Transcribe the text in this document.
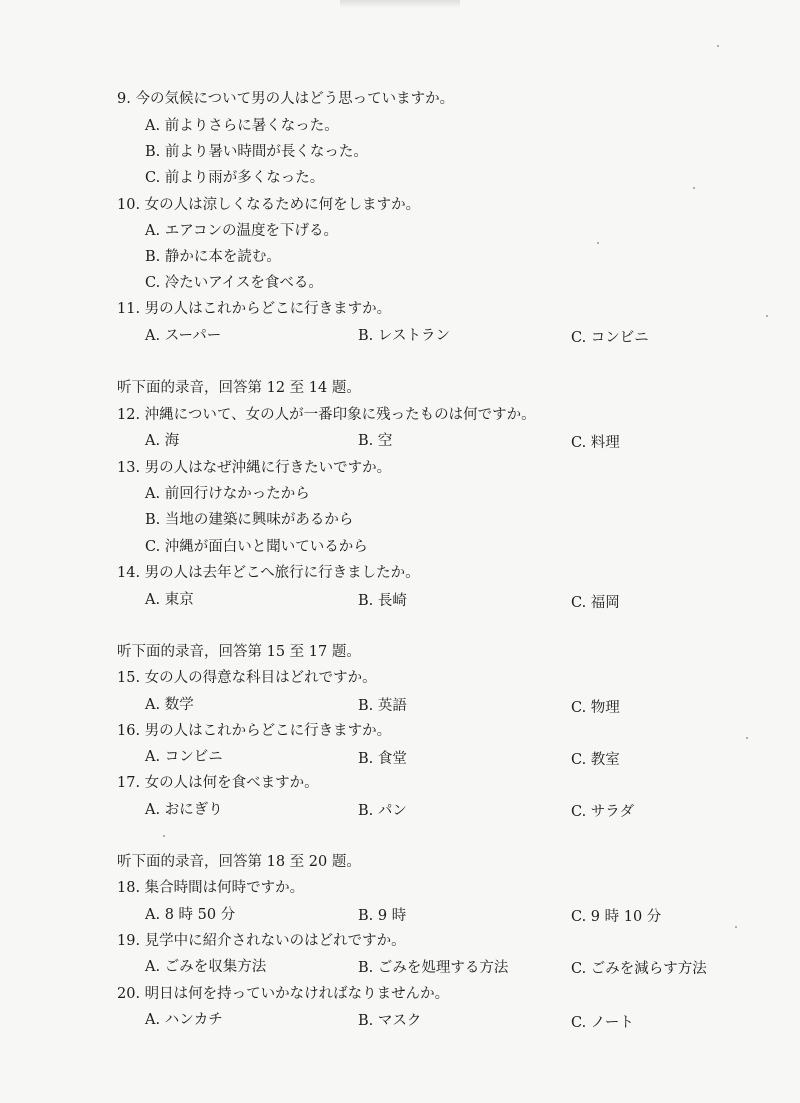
9. 今の気候について男の人はどう思っていますか。
A. 前よりさらに暑くなった。
B. 前より暑い時間が長くなった。
C. 前より雨が多くなった。
10. 女の人は涼しくなるために何をしますか。
A. エアコンの温度を下げる。
B. 静かに本を読む。
C. 冷たいアイスを食べる。
11. 男の人はこれからどこに行きますか。
A. スーパー	B. レストラン	C. コンビニ
听下面的录音，回答第 12 至 14 题。
12. 沖縄について、女の人が一番印象に残ったものは何ですか。
A. 海	B. 空	C. 料理
13. 男の人はなぜ沖縄に行きたいですか。
A. 前回行けなかったから
B. 当地の建築に興味があるから
C. 沖縄が面白いと聞いているから
14. 男の人は去年どこへ旅行に行きましたか。
A. 東京	B. 長崎	C. 福岡
听下面的录音，回答第 15 至 17 题。
15. 女の人の得意な科目はどれですか。
A. 数学	B. 英語	C. 物理
16. 男の人はこれからどこに行きますか。
A. コンビニ	B. 食堂	C. 教室
17. 女の人は何を食べますか。
A. おにぎり	B. パン	C. サラダ
听下面的录音，回答第 18 至 20 题。
18. 集合時間は何時ですか。
A. 8 時 50 分	B. 9 時	C. 9 時 10 分
19. 見学中に紹介されないのはどれですか。
A. ごみを収集方法	B. ごみを処理する方法	C. ごみを減らす方法
20. 明日は何を持っていかなければなりませんか。
A. ハンカチ	B. マスク	C. ノート
